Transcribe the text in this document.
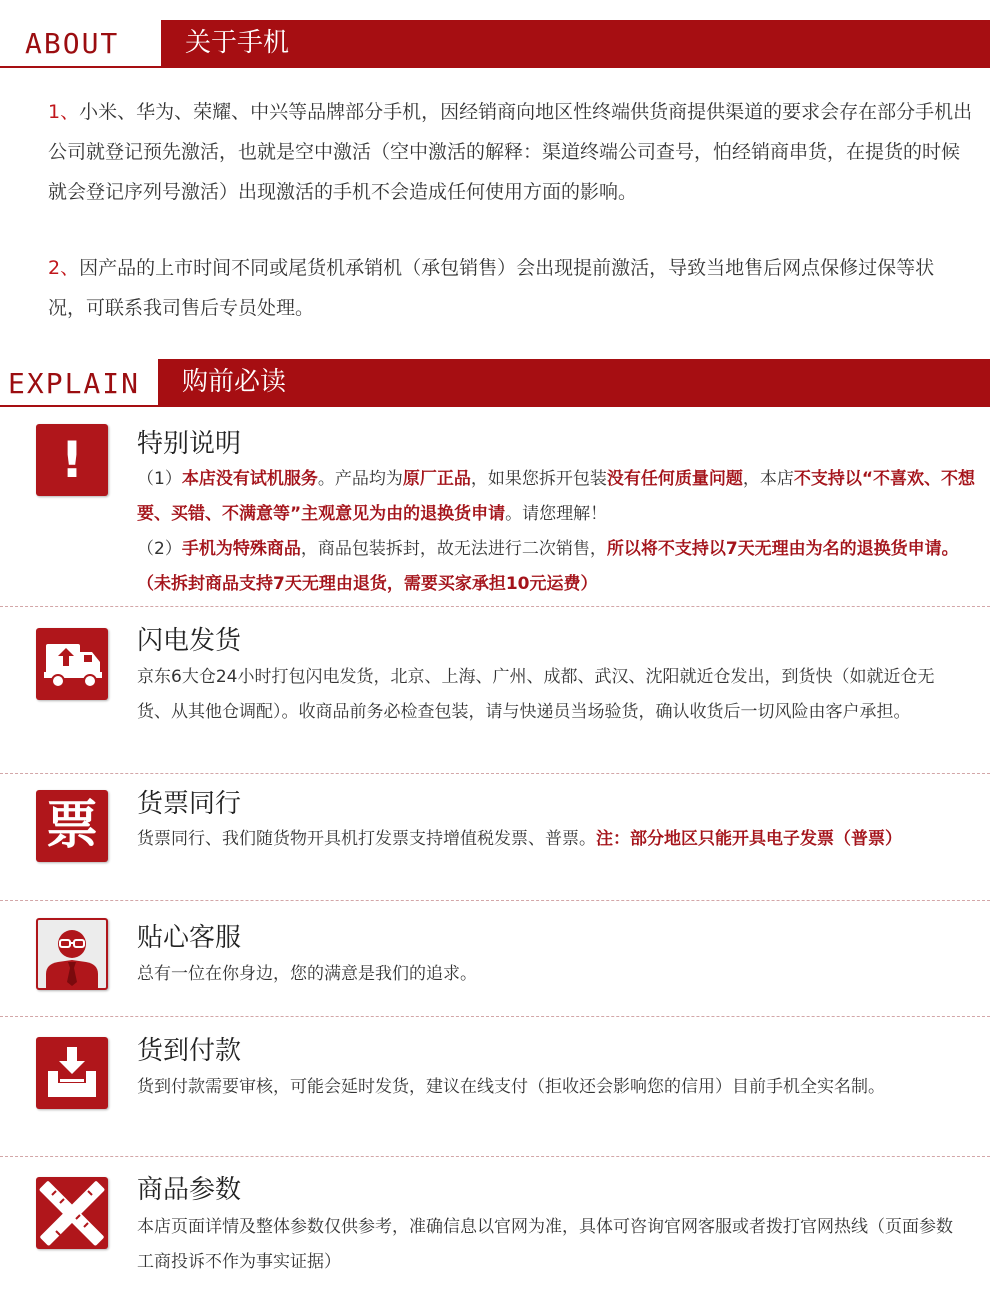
ABOUT	关于手机
1、小米、华为、荣耀、中兴等品牌部分手机，因经销商向地区性终端供货商提供渠道的要求会存在部分手机出公司就登记预先激活，也就是空中激活（空中激活的解释：渠道终端公司查号，怕经销商串货，在提货的时候就会登记序列号激活）出现激活的手机不会造成任何使用方面的影响。
2、因产品的上市时间不同或尾货机承销机（承包销售）会出现提前激活，导致当地售后网点保修过保等状况，可联系我司售后专员处理。
EXPLAIN	购前必读
! 特别说明
（1）本店没有试机服务。产品均为原厂正品，如果您拆开包装没有任何质量问题，本店不支持以“不喜欢、不想要、买错、不满意等”主观意见为由的退换货申请。请您理解！
（2）手机为特殊商品，商品包装拆封，故无法进行二次销售，所以将不支持以7天无理由为名的退换货申请。（未拆封商品支持7天无理由退货，需要买家承担10元运费）
闪电发货
京东6大仓24小时打包闪电发货，北京、上海、广州、成都、武汉、沈阳就近仓发出，到货快（如就近仓无货、从其他仓调配）。收商品前务必检查包装，请与快递员当场验货，确认收货后一切风险由客户承担。
票 货票同行
货票同行、我们随货物开具机打发票支持增值税发票、普票。注：部分地区只能开具电子发票（普票）
贴心客服
总有一位在你身边，您的满意是我们的追求。
货到付款
货到付款需要审核，可能会延时发货，建议在线支付（拒收还会影响您的信用）目前手机全实名制。
商品参数
本店页面详情及整体参数仅供参考，准确信息以官网为准，具体可咨询官网客服或者拨打官网热线（页面参数工商投诉不作为事实证据）
